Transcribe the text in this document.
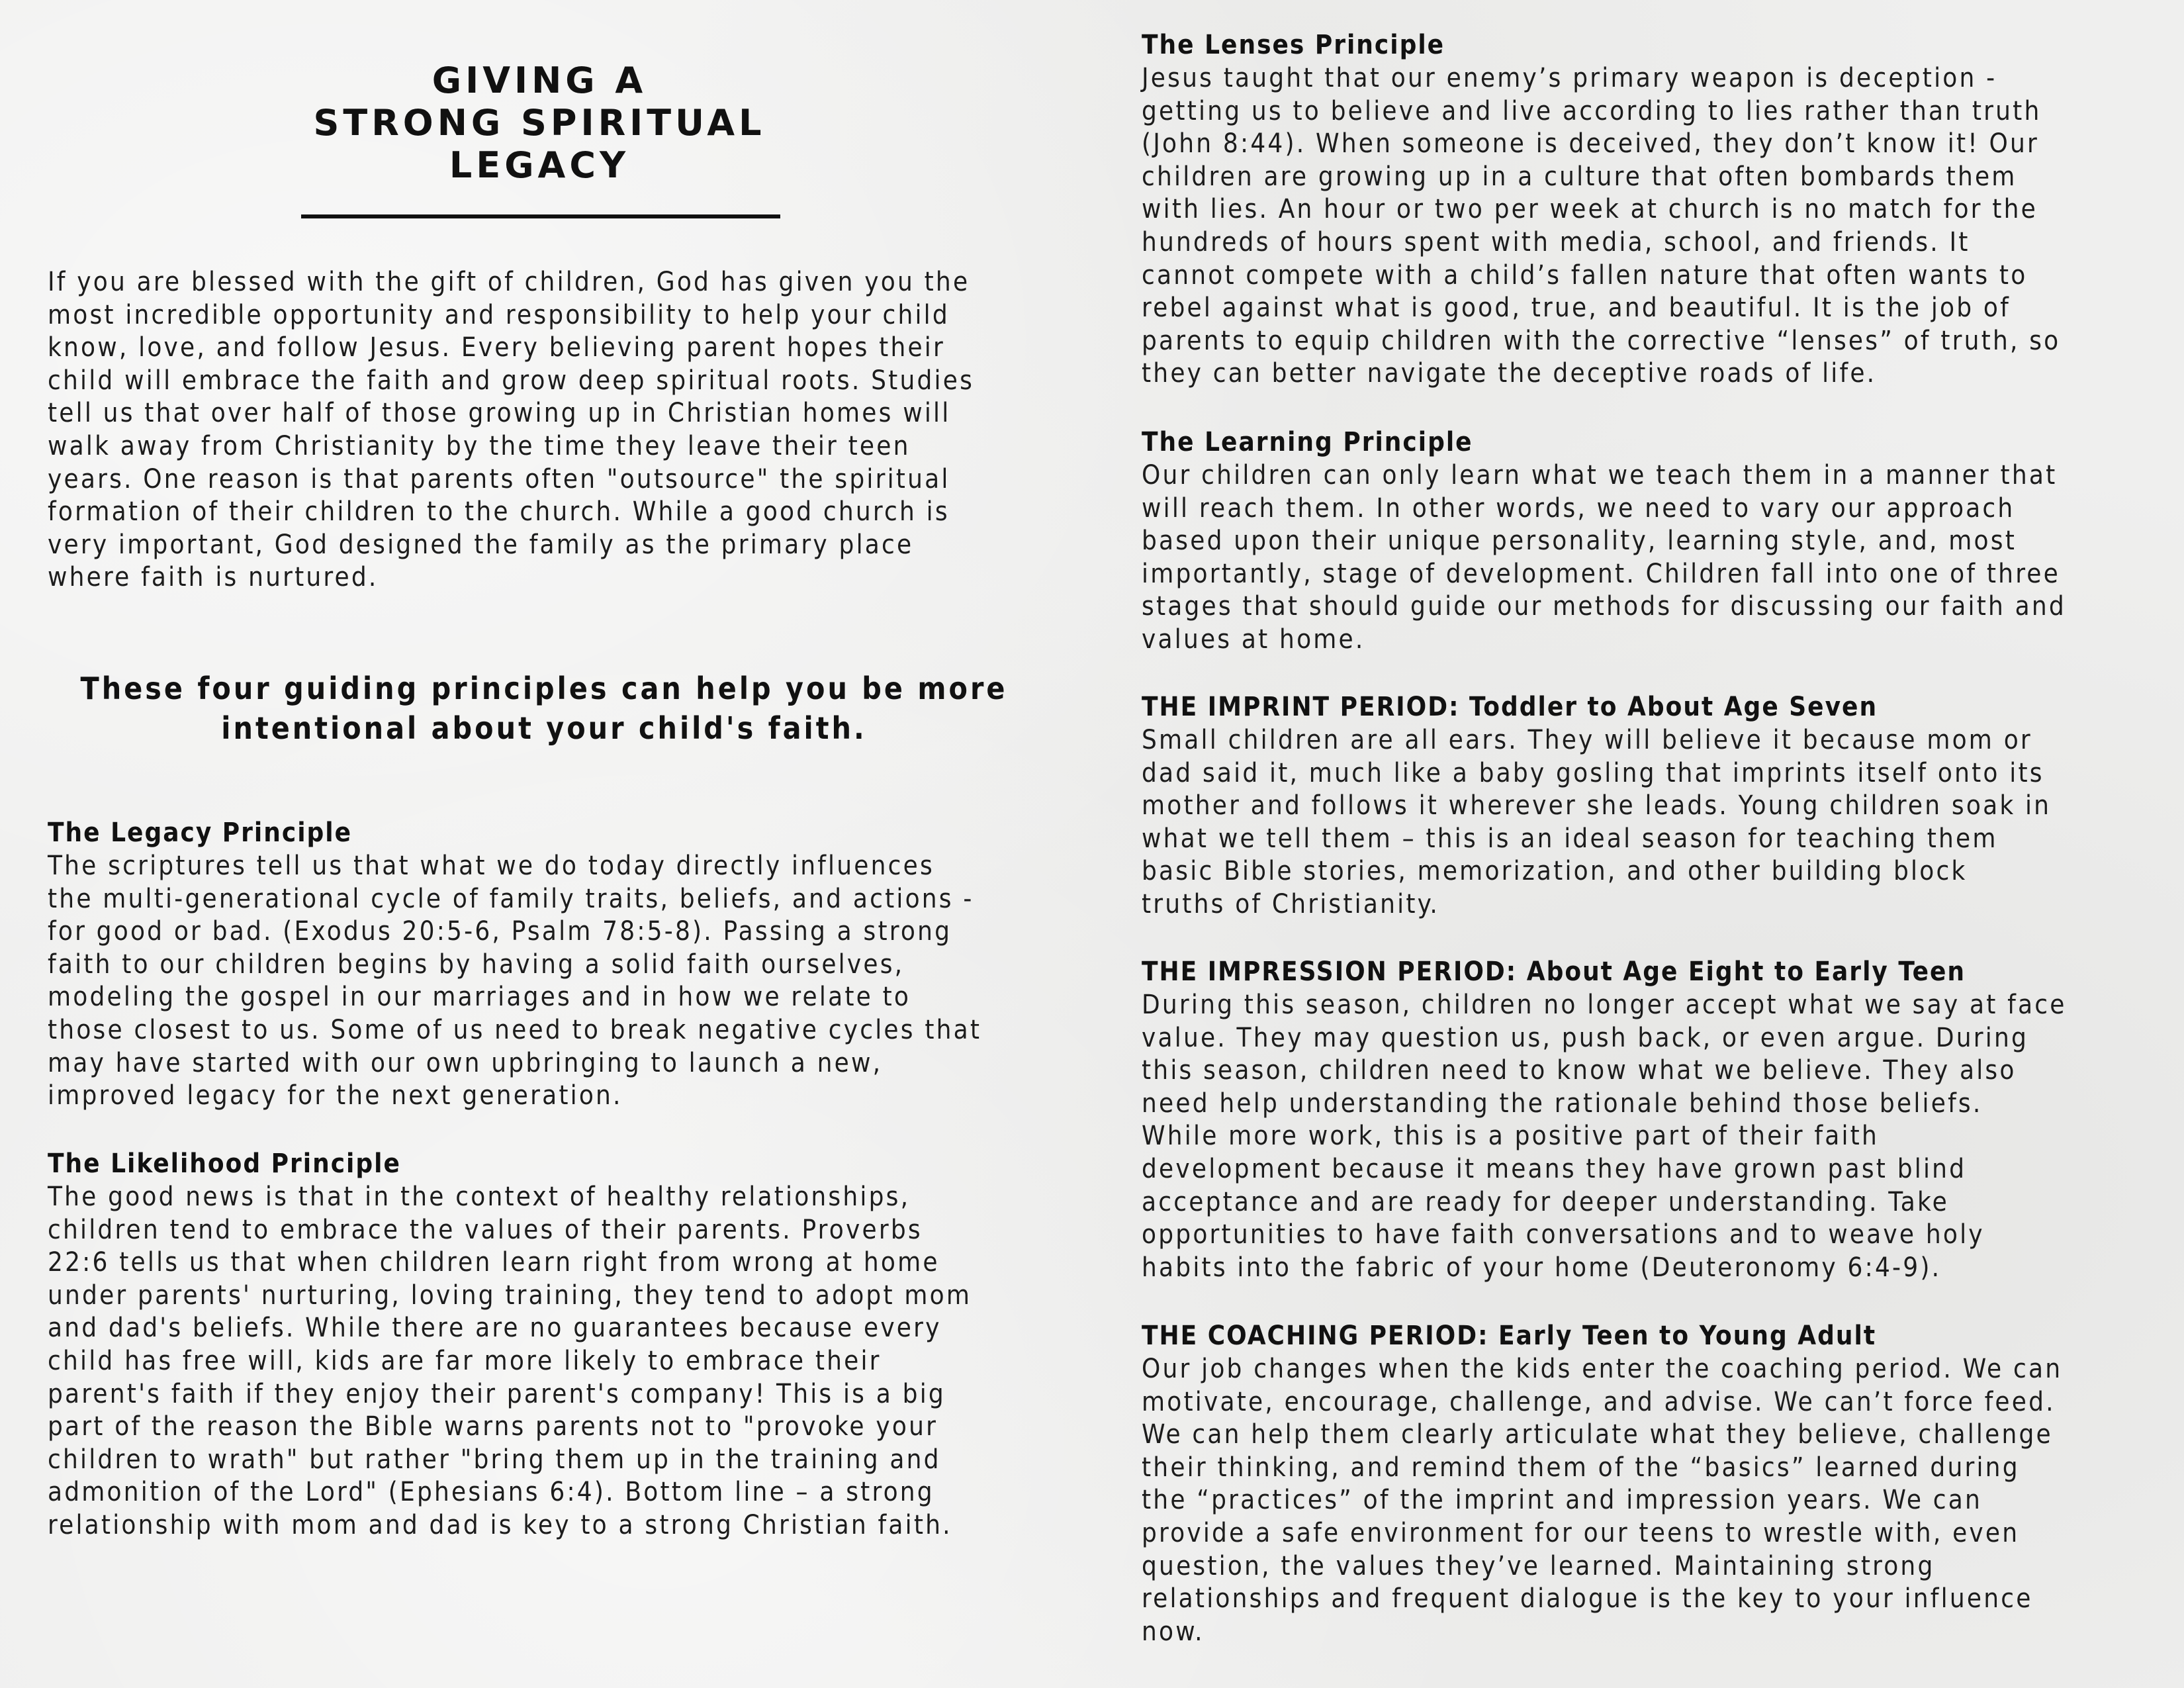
GIVING A
STRONG SPIRITUAL
LEGACY

If you are blessed with the gift of children, God has given you the
most incredible opportunity and responsibility to help your child
know, love, and follow Jesus. Every believing parent hopes their
child will embrace the faith and grow deep spiritual roots. Studies
tell us that over half of those growing up in Christian homes will
walk away from Christianity by the time they leave their teen
years. One reason is that parents often "outsource" the spiritual
formation of their children to the church. While a good church is
very important, God designed the family as the primary place
where faith is nurtured.

These four guiding principles can help you be more
intentional about your child's faith.
The Legacy Principle

The scriptures tell us that what we do today directly influences
the multi-generational cycle of family traits, beliefs, and actions -
for good or bad. (Exodus 20:5-6, Psalm 78:5-8). Passing a strong
faith to our children begins by having a solid faith ourselves,
modeling the gospel in our marriages and in how we relate to
those closest to us. Some of us need to break negative cycles that
may have started with our own upbringing to launch a new,
improved legacy for the next generation.

The Likelihood Principle

The good news is that in the context of healthy relationships,
children tend to embrace the values of their parents. Proverbs
22:6 tells us that when children learn right from wrong at home
under parents' nurturing, loving training, they tend to adopt mom
and dad's beliefs. While there are no guarantees because every
child has free will, kids are far more likely to embrace their
parent's faith if they enjoy their parent's company! This is a big
part of the reason the Bible warns parents not to "provoke your
children to wrath" but rather "bring them up in the training and
admonition of the Lord" (Ephesians 6:4). Bottom line – a strong
relationship with mom and dad is key to a strong Christian faith.

The Lenses Principle

Jesus taught that our enemy’s primary weapon is deception -
getting us to believe and live according to lies rather than truth
(John 8:44). When someone is deceived, they don’t know it! Our
children are growing up in a culture that often bombards them
with lies. An hour or two per week at church is no match for the
hundreds of hours spent with media, school, and friends. It
cannot compete with a child’s fallen nature that often wants to
rebel against what is good, true, and beautiful. It is the job of
parents to equip children with the corrective “lenses” of truth, so
they can better navigate the deceptive roads of life.

The Learning Principle

Our children can only learn what we teach them in a manner that
will reach them. In other words, we need to vary our approach
based upon their unique personality, learning style, and, most
importantly, stage of development. Children fall into one of three
stages that should guide our methods for discussing our faith and
values at home.

THE IMPRINT PERIOD: Toddler to About Age Seven

Small children are all ears. They will believe it because mom or
dad said it, much like a baby gosling that imprints itself onto its
mother and follows it wherever she leads. Young children soak in
what we tell them – this is an ideal season for teaching them
basic Bible stories, memorization, and other building block
truths of Christianity.

THE IMPRESSION PERIOD: About Age Eight to Early Teen

During this season, children no longer accept what we say at face
value. They may question us, push back, or even argue. During
this season, children need to know what we believe. They also
need help understanding the rationale behind those beliefs.
While more work, this is a positive part of their faith
development because it means they have grown past blind
acceptance and are ready for deeper understanding. Take
opportunities to have faith conversations and to weave holy
habits into the fabric of your home (Deuteronomy 6:4-9).

THE COACHING PERIOD: Early Teen to Young Adult

Our job changes when the kids enter the coaching period. We can
motivate, encourage, challenge, and advise. We can’t force feed.
We can help them clearly articulate what they believe, challenge
their thinking, and remind them of the “basics” learned during
the “practices” of the imprint and impression years. We can
provide a safe environment for our teens to wrestle with, even
question, the values they’ve learned. Maintaining strong
relationships and frequent dialogue is the key to your influence
now.
